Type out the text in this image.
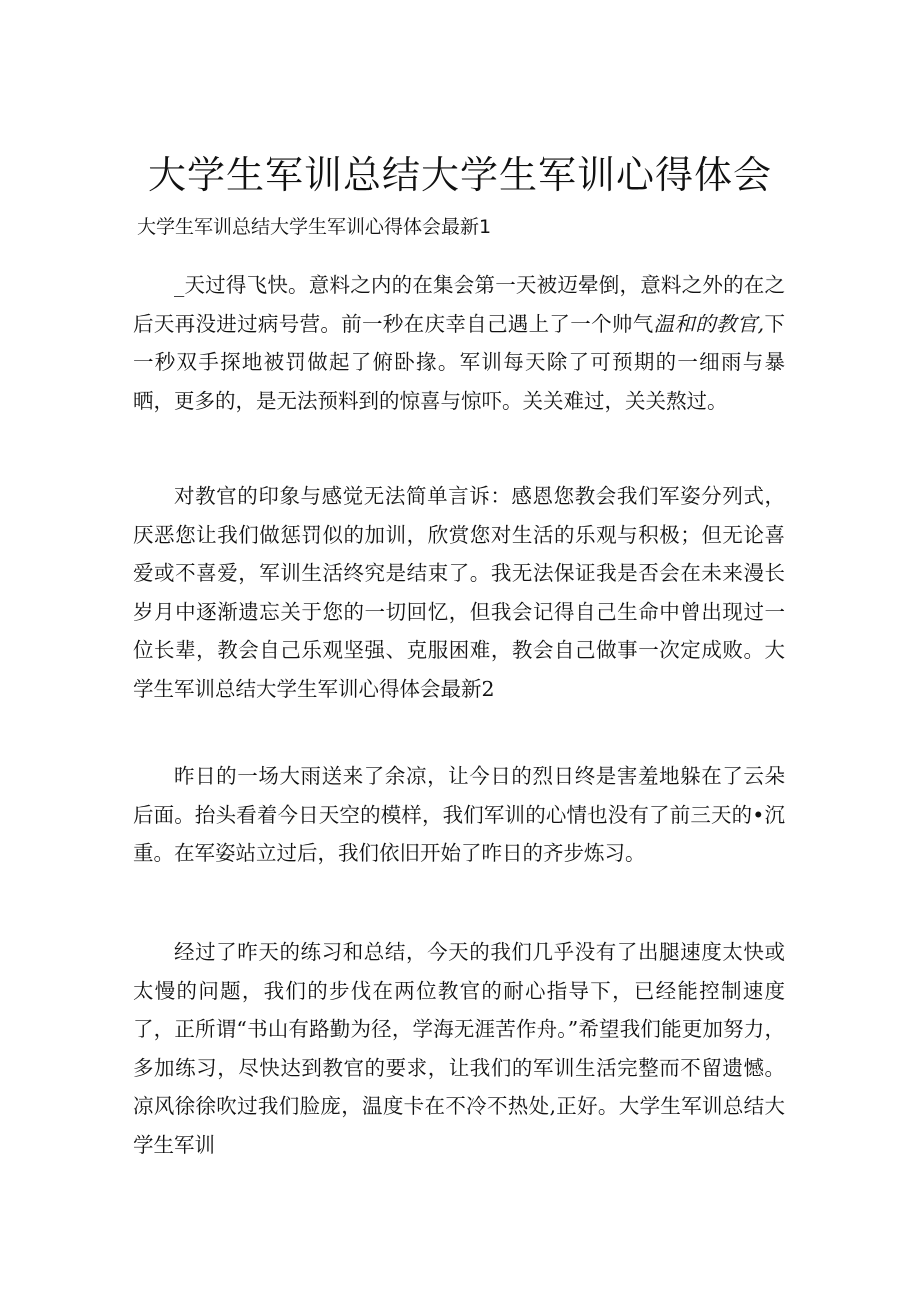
大学生军训总结大学生军训心得体会

大学生军训总结大学生军训心得体会最新1

_天过得飞快。意料之内的在集会第一天被迈晕倒，意料之外的在之后天再没进过病号营。前一秒在庆幸自己遇上了一个帅气温和的教官,下一秒双手探地被罚做起了俯卧掾。军训每天除了可预期的一细雨与暴晒，更多的，是无法预料到的惊喜与惊吓。关关难过，关关熬过。

对教官的印象与感觉无法简单言诉：感恩您教会我们军姿分列式，厌恶您让我们做惩罚似的加训，欣赏您对生活的乐观与积极；但无论喜爱或不喜爱，军训生活终究是结束了。我无法保证我是否会在未来漫长岁月中逐渐遗忘关于您的一切回忆，但我会记得自己生命中曾出现过一位长辈，教会自己乐观坚强、克服困难，教会自己做事一次定成败。大学生军训总结大学生军训心得体会最新2

昨日的一场大雨送来了余凉，让今日的烈日终是害羞地躲在了云朵后面。抬头看着今日天空的模样，我们军训的心情也没有了前三天的•沉重。在军姿站立过后，我们依旧开始了昨日的齐步炼习。

经过了昨天的练习和总结，今天的我们几乎没有了出腿速度太快或太慢的问题，我们的步伐在两位教官的耐心指导下，已经能控制速度了，正所谓“书山有路勤为径，学海无涯苦作舟。”希望我们能更加努力，多加练习，尽快达到教官的要求，让我们的军训生活完整而不留遗憾。凉风徐徐吹过我们脸庞，温度卡在不冷不热处,正好。大学生军训总结大学生军训
